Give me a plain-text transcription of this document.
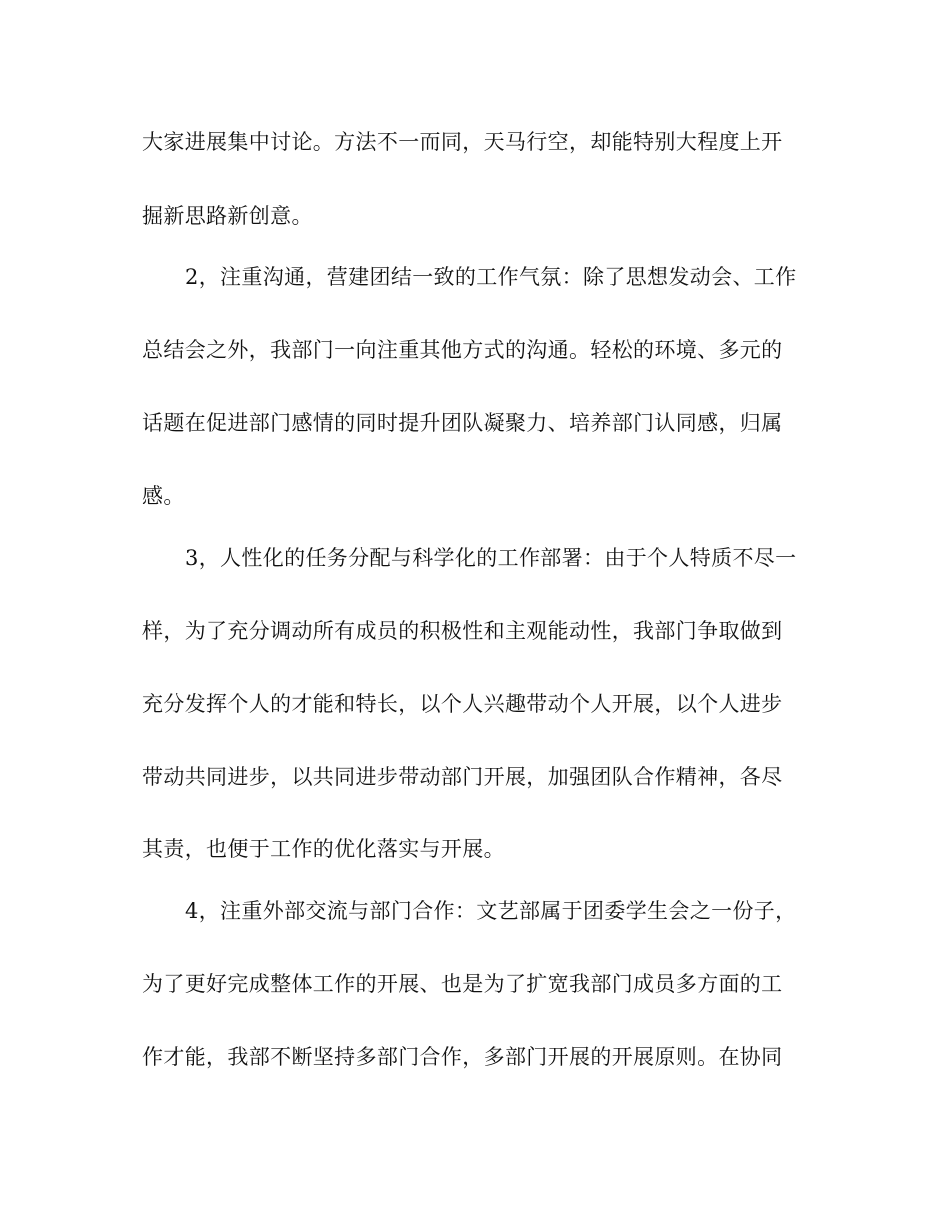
大家进展集中讨论。方法不一而同，天马行空，却能特别大程度上开

掘新思路新创意。

2，注重沟通，营建团结一致的工作气氛：除了思想发动会、工作

总结会之外，我部门一向注重其他方式的沟通。轻松的环境、多元的

话题在促进部门感情的同时提升团队凝聚力、培养部门认同感，归属

感。

3，人性化的任务分配与科学化的工作部署：由于个人特质不尽一

样，为了充分调动所有成员的积极性和主观能动性，我部门争取做到

充分发挥个人的才能和特长，以个人兴趣带动个人开展，以个人进步

带动共同进步，以共同进步带动部门开展，加强团队合作精神，各尽

其责，也便于工作的优化落实与开展。

4，注重外部交流与部门合作：文艺部属于团委学生会之一份子，

为了更好完成整体工作的开展、也是为了扩宽我部门成员多方面的工

作才能，我部不断坚持多部门合作，多部门开展的开展原则。在协同
